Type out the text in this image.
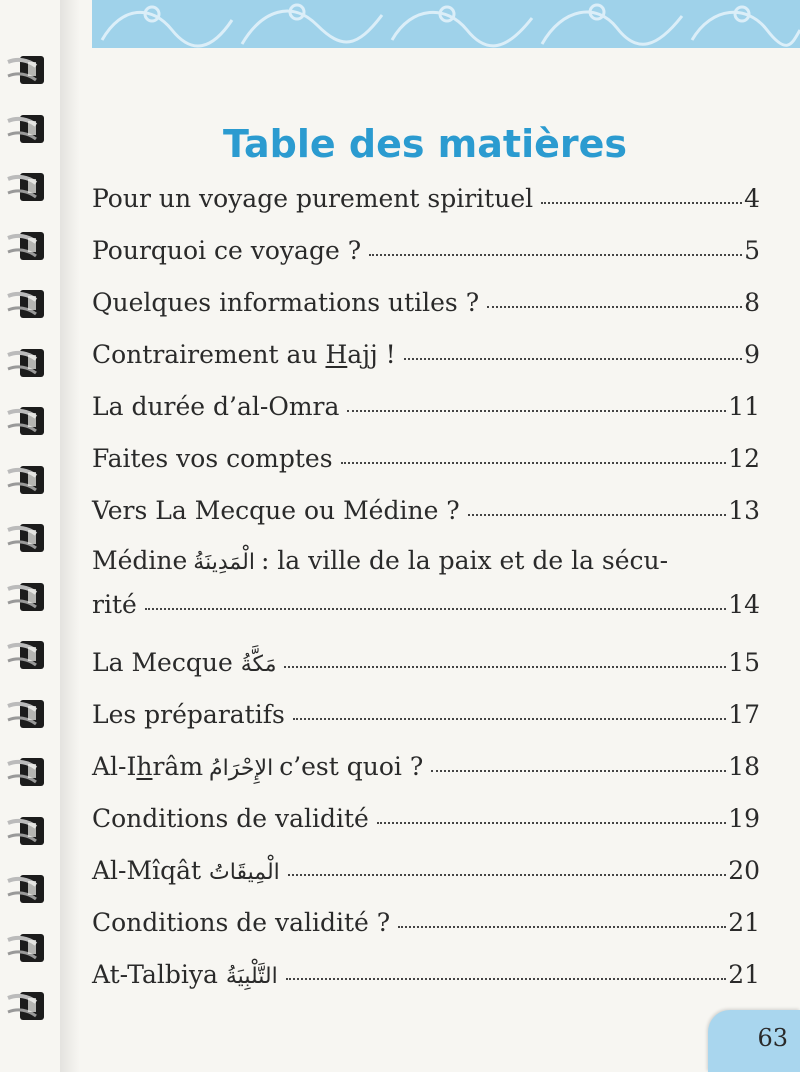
Table des matières
Pour un voyage purement spirituel	4
Pourquoi ce voyage ?	5
Quelques informations utiles ?	8
Contrairement au Hajj !	9
La durée d’al-Omra	11
Faites vos comptes	12
Vers La Mecque ou Médine ?	13
Médine الْمَدِينَةُ : la ville de la paix et de la sécu-
rité	14
La Mecque مَكَّةُ	15
Les préparatifs	17
Al-Ihrâm الإِحْرَامُ c’est quoi ?	18
Conditions de validité	19
Al-Mîqât الْمِيقَاتُ	20
Conditions de validité ?	21
At-Talbiya التَّلْبِيَةُ	21
63
